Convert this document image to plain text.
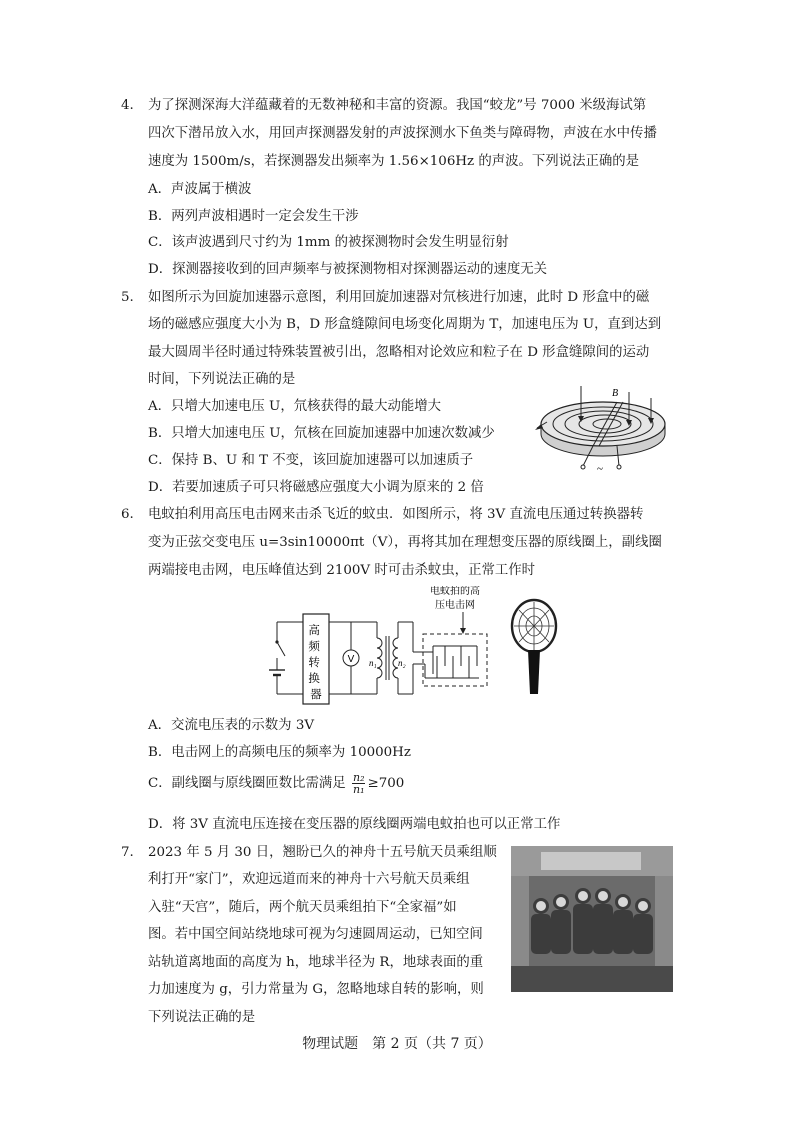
4. 为了探测深海大洋蕴藏着的无数神秘和丰富的资源。我国“蛟龙”号 7000 米级海试第
四次下潜吊放入水，用回声探测器发射的声波探测水下鱼类与障碍物，声波在水中传播
速度为 1500m/s，若探测器发出频率为 1.56×106Hz 的声波。下列说法正确的是
A．声波属于横波
B．两列声波相遇时一定会发生干涉
C．该声波遇到尺寸约为 1mm 的被探测物时会发生明显衍射
D．探测器接收到的回声频率与被探测物相对探测器运动的速度无关
5. 如图所示为回旋加速器示意图，利用回旋加速器对氘核进行加速，此时 D 形盒中的磁
场的磁感应强度大小为 B，D 形盒缝隙间电场变化周期为 T，加速电压为 U，直到达到
最大圆周半径时通过特殊装置被引出，忽略相对论效应和粒子在 D 形盒缝隙间的运动
时间，下列说法正确的是
A．只增大加速电压 U，氘核获得的最大动能增大
B．只增大加速电压 U，氘核在回旋加速器中加速次数减少
C．保持 B、U 和 T 不变，该回旋加速器可以加速质子
D．若要加速质子可只将磁感应强度大小调为原来的 2 倍
B
~
6. 电蚊拍利用高压电击网来击杀飞近的蚊虫．如图所示，将 3V 直流电压通过转换器转
变为正弦交变电压 u=3sin10000πt（V），再将其加在理想变压器的原线圈上，副线圈
两端接电击网，电压峰值达到 2100V 时可击杀蚊虫，正常工作时
高 频 转 换 器
V n₁ n₂
电蚊拍的高
压电击网
A．交流电压表的示数为 3V
B．电击网上的高频电压的频率为 10000Hz
C．副线圈与原线圈匝数比需满足 $\frac{\text{n₂}}{\text{n₁}} \ge 700$
D．将 3V 直流电压连接在变压器的原线圈两端电蚊拍也可以正常工作
7. 2023 年 5 月 30 日，翘盼已久的神舟十五号航天员乘组顺
利打开“家门”，欢迎远道而来的神舟十六号航天员乘组
入驻“天宫”，随后，两个航天员乘组拍下“全家福”如
图。若中国空间站绕地球可视为匀速圆周运动，已知空间
站轨道离地面的高度为 h，地球半径为 R，地球表面的重
力加速度为 g，引力常量为 G，忽略地球自转的影响，则
下列说法正确的是
物理试题　第 2 页（共 7 页）
